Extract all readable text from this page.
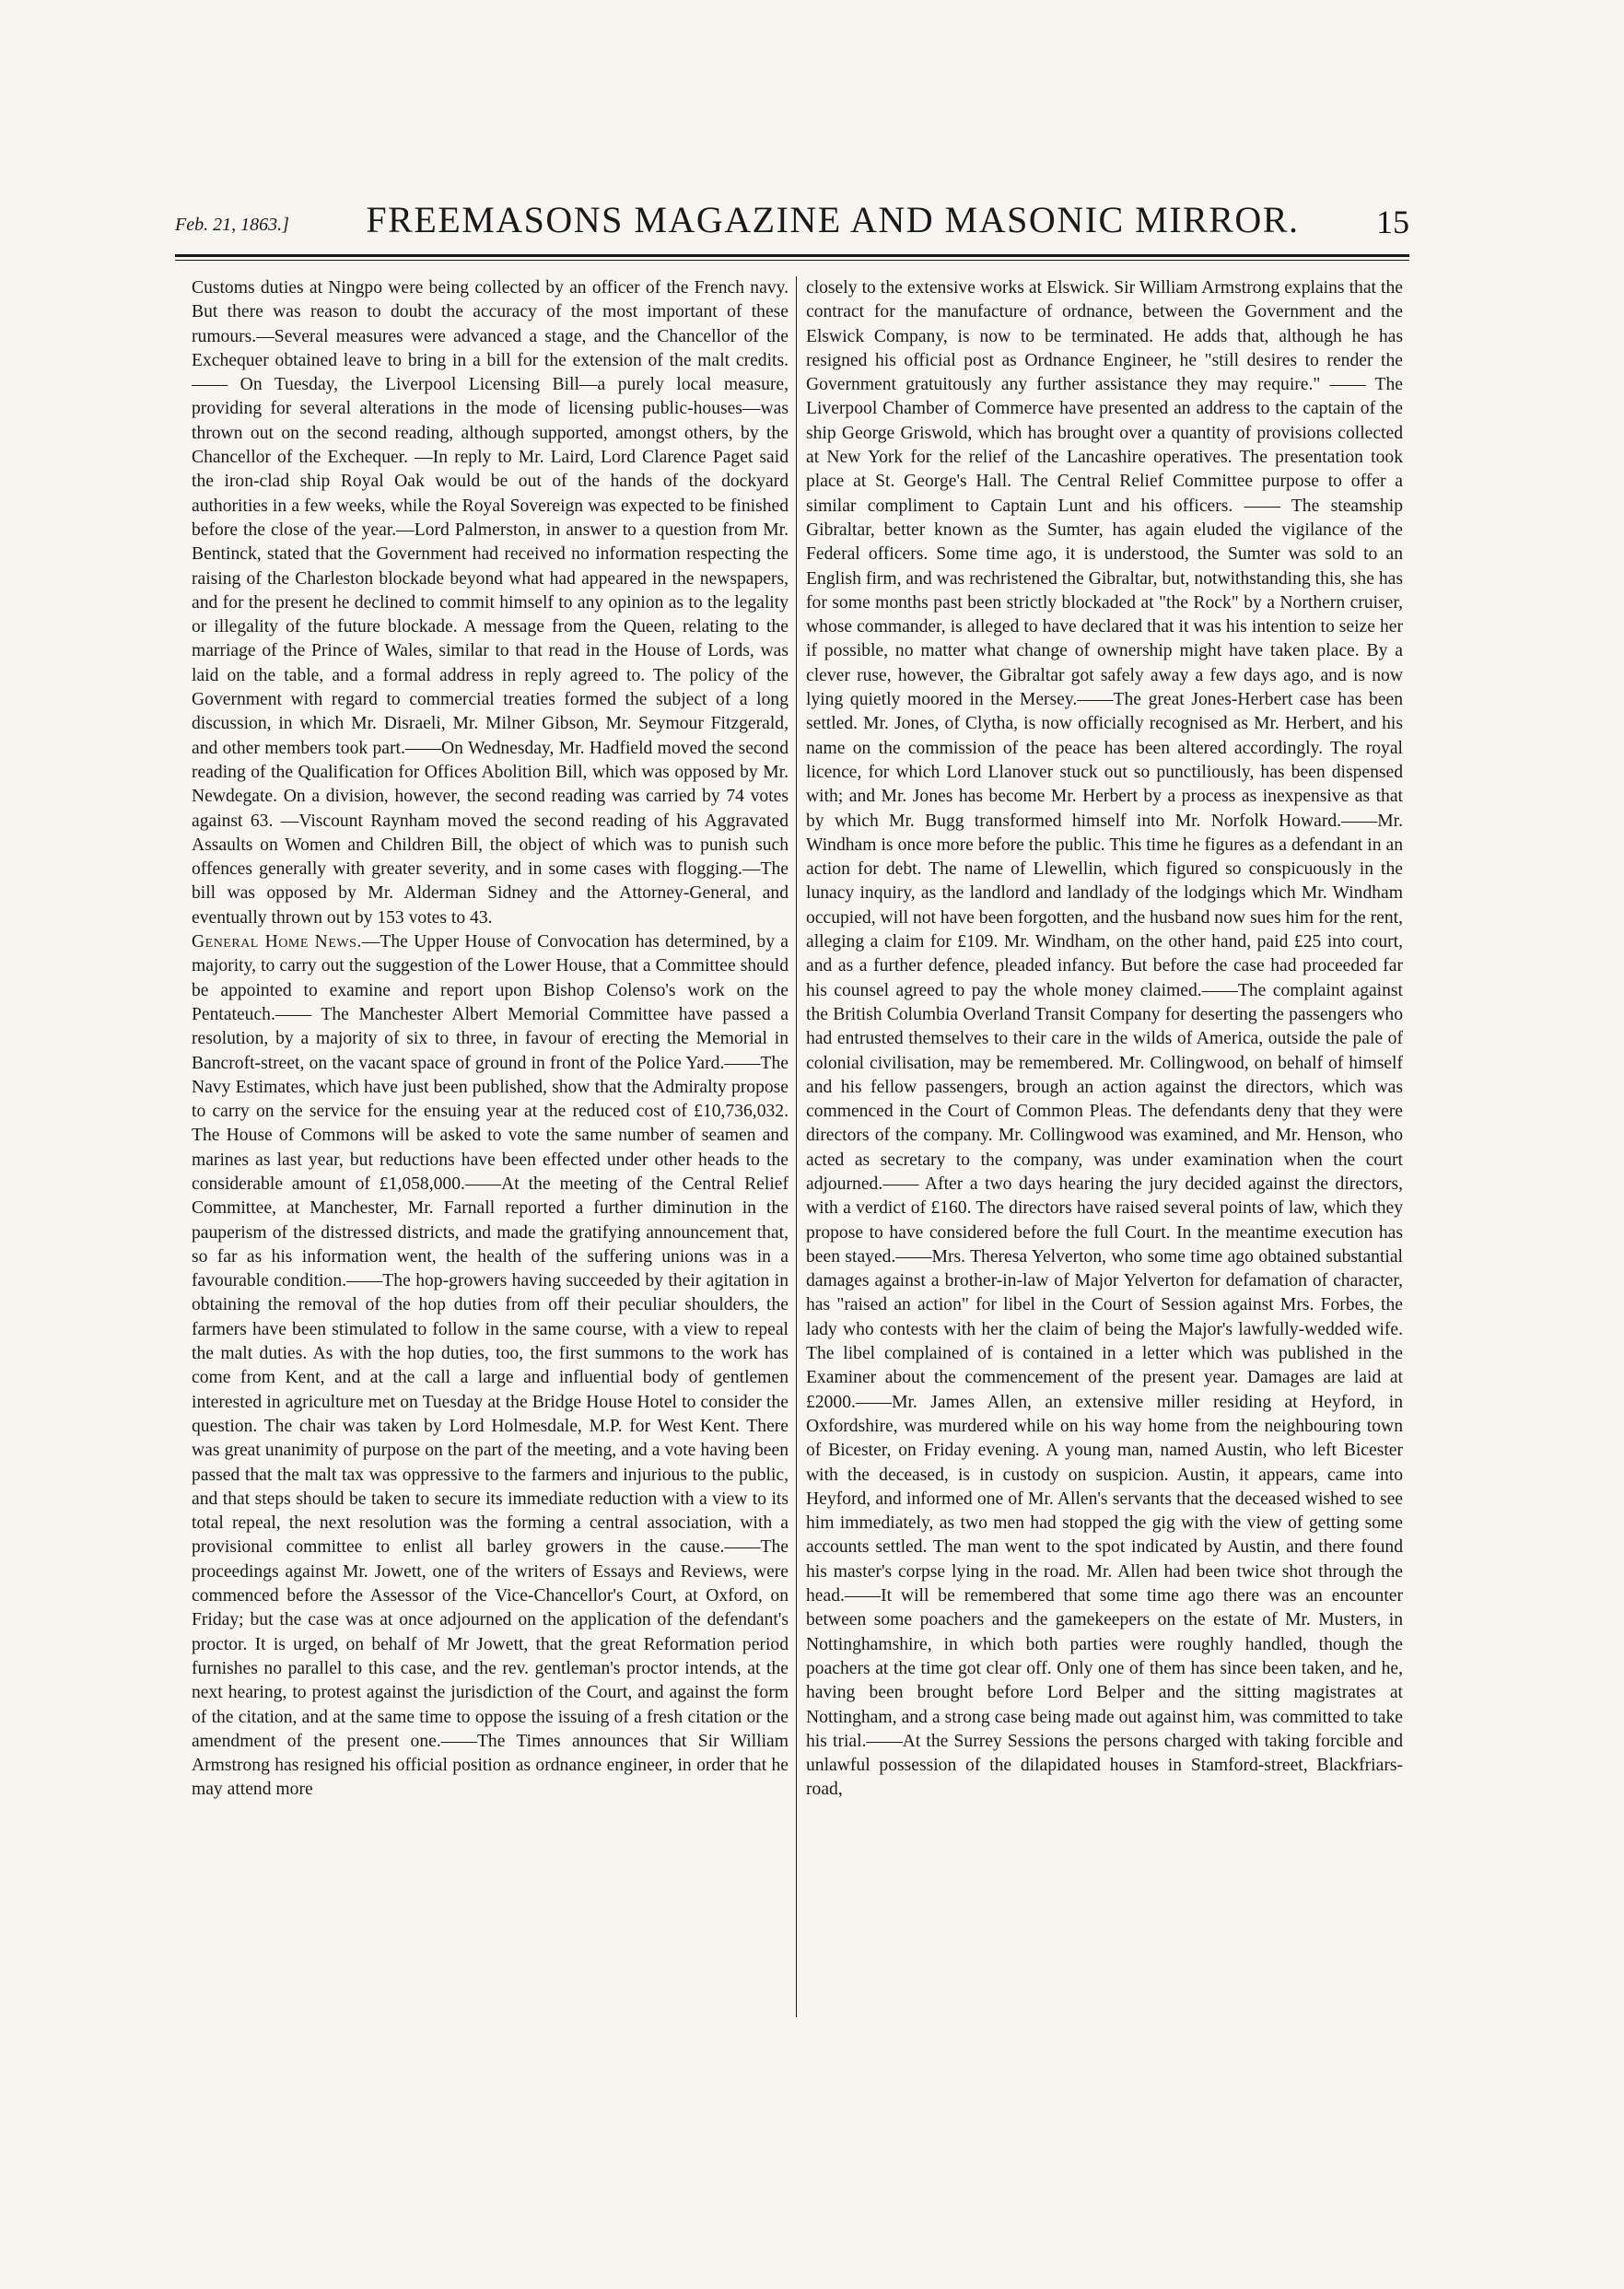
Feb. 21, 1863.] FREEMASONS MAGAZINE AND MASONIC MIRROR. 15

Customs duties at Ningpo were being collected by an officer of the French navy. But there was reason to doubt the accuracy of the most important of these rumours.—Several measures were advanced a stage, and the Chancellor of the Exchequer obtained leave to bring in a bill for the extension of the malt credits.—— On Tuesday, the Liverpool Licensing Bill—a purely local measure, providing for several alterations in the mode of licensing public-houses—was thrown out on the second reading, although supported, amongst others, by the Chancellor of the Exchequer. —In reply to Mr. Laird, Lord Clarence Paget said the iron-clad ship Royal Oak would be out of the hands of the dockyard authorities in a few weeks, while the Royal Sovereign was expected to be finished before the close of the year.—Lord Palmerston, in answer to a question from Mr. Bentinck, stated that the Government had received no information respecting the raising of the Charleston blockade beyond what had appeared in the newspapers, and for the present he declined to commit himself to any opinion as to the legality or illegality of the future blockade. A message from the Queen, relating to the marriage of the Prince of Wales, similar to that read in the House of Lords, was laid on the table, and a formal address in reply agreed to. The policy of the Government with regard to commercial treaties formed the subject of a long discussion, in which Mr. Disraeli, Mr. Milner Gibson, Mr. Seymour Fitzgerald, and other members took part.——On Wednesday, Mr. Hadfield moved the second reading of the Qualification for Offices Abolition Bill, which was opposed by Mr. Newdegate. On a division, however, the second reading was carried by 74 votes against 63. —Viscount Raynham moved the second reading of his Aggravated Assaults on Women and Children Bill, the object of which was to punish such offences generally with greater severity, and in some cases with flogging.—The bill was opposed by Mr. Alderman Sidney and the Attorney-General, and eventually thrown out by 153 votes to 43.

General Home News.—The Upper House of Convocation has determined, by a majority, to carry out the suggestion of the Lower House, that a Committee should be appointed to examine and report upon Bishop Colenso's work on the Pentateuch.—— The Manchester Albert Memorial Committee have passed a resolution, by a majority of six to three, in favour of erecting the Memorial in Bancroft-street, on the vacant space of ground in front of the Police Yard.——The Navy Estimates, which have just been published, show that the Admiralty propose to carry on the service for the ensuing year at the reduced cost of £10,736,032. The House of Commons will be asked to vote the same number of seamen and marines as last year, but reductions have been effected under other heads to the considerable amount of £1,058,000.——At the meeting of the Central Relief Committee, at Manchester, Mr. Farnall reported a further diminution in the pauperism of the distressed districts, and made the gratifying announcement that, so far as his information went, the health of the suffering unions was in a favourable condition.——The hop-growers having succeeded by their agitation in obtaining the removal of the hop duties from off their peculiar shoulders, the farmers have been stimulated to follow in the same course, with a view to repeal the malt duties. As with the hop duties, too, the first summons to the work has come from Kent, and at the call a large and influential body of gentlemen interested in agriculture met on Tuesday at the Bridge House Hotel to consider the question. The chair was taken by Lord Holmesdale, M.P. for West Kent. There was great unanimity of purpose on the part of the meeting, and a vote having been passed that the malt tax was oppressive to the farmers and injurious to the public, and that steps should be taken to secure its immediate reduction with a view to its total repeal, the next resolution was the forming a central association, with a provisional committee to enlist all barley growers in the cause.——The proceedings against Mr. Jowett, one of the writers of Essays and Reviews, were commenced before the Assessor of the Vice-Chancellor's Court, at Oxford, on Friday; but the case was at once adjourned on the application of the defendant's proctor. It is urged, on behalf of Mr Jowett, that the great Reformation period furnishes no parallel to this case, and the rev. gentleman's proctor intends, at the next hearing, to protest against the jurisdiction of the Court, and against the form of the citation, and at the same time to oppose the issuing of a fresh citation or the amendment of the present one.——The Times announces that Sir William Armstrong has resigned his official position as ordnance engineer, in order that he may attend more

closely to the extensive works at Elswick. Sir William Armstrong explains that the contract for the manufacture of ordnance, between the Government and the Elswick Company, is now to be terminated. He adds that, although he has resigned his official post as Ordnance Engineer, he "still desires to render the Government gratuitously any further assistance they may require." —— The Liverpool Chamber of Commerce have presented an address to the captain of the ship George Griswold, which has brought over a quantity of provisions collected at New York for the relief of the Lancashire operatives. The presentation took place at St. George's Hall. The Central Relief Committee purpose to offer a similar compliment to Captain Lunt and his officers. —— The steamship Gibraltar, better known as the Sumter, has again eluded the vigilance of the Federal officers. Some time ago, it is understood, the Sumter was sold to an English firm, and was rechristened the Gibraltar, but, notwithstanding this, she has for some months past been strictly blockaded at "the Rock" by a Northern cruiser, whose commander, is alleged to have declared that it was his intention to seize her if possible, no matter what change of ownership might have taken place. By a clever ruse, however, the Gibraltar got safely away a few days ago, and is now lying quietly moored in the Mersey.——The great Jones-Herbert case has been settled. Mr. Jones, of Clytha, is now officially recognised as Mr. Herbert, and his name on the commission of the peace has been altered accordingly. The royal licence, for which Lord Llanover stuck out so punctiliously, has been dispensed with; and Mr. Jones has become Mr. Herbert by a process as inexpensive as that by which Mr. Bugg transformed himself into Mr. Norfolk Howard.——Mr. Windham is once more before the public. This time he figures as a defendant in an action for debt. The name of Llewellin, which figured so conspicuously in the lunacy inquiry, as the landlord and landlady of the lodgings which Mr. Windham occupied, will not have been forgotten, and the husband now sues him for the rent, alleging a claim for £109. Mr. Windham, on the other hand, paid £25 into court, and as a further defence, pleaded infancy. But before the case had proceeded far his counsel agreed to pay the whole money claimed.——The complaint against the British Columbia Overland Transit Company for deserting the passengers who had entrusted themselves to their care in the wilds of America, outside the pale of colonial civilisation, may be remembered. Mr. Collingwood, on behalf of himself and his fellow passengers, brough an action against the directors, which was commenced in the Court of Common Pleas. The defendants deny that they were directors of the company. Mr. Collingwood was examined, and Mr. Henson, who acted as secretary to the company, was under examination when the court adjourned.—— After a two days hearing the jury decided against the directors, with a verdict of £160. The directors have raised several points of law, which they propose to have considered before the full Court. In the meantime execution has been stayed.——Mrs. Theresa Yelverton, who some time ago obtained substantial damages against a brother-in-law of Major Yelverton for defamation of character, has "raised an action" for libel in the Court of Session against Mrs. Forbes, the lady who contests with her the claim of being the Major's lawfully-wedded wife. The libel complained of is contained in a letter which was published in the Examiner about the commencement of the present year. Damages are laid at £2000.——Mr. James Allen, an extensive miller residing at Heyford, in Oxfordshire, was murdered while on his way home from the neighbouring town of Bicester, on Friday evening. A young man, named Austin, who left Bicester with the deceased, is in custody on suspicion. Austin, it appears, came into Heyford, and informed one of Mr. Allen's servants that the deceased wished to see him immediately, as two men had stopped the gig with the view of getting some accounts settled. The man went to the spot indicated by Austin, and there found his master's corpse lying in the road. Mr. Allen had been twice shot through the head.——It will be remembered that some time ago there was an encounter between some poachers and the gamekeepers on the estate of Mr. Musters, in Nottinghamshire, in which both parties were roughly handled, though the poachers at the time got clear off. Only one of them has since been taken, and he, having been brought before Lord Belper and the sitting magistrates at Nottingham, and a strong case being made out against him, was committed to take his trial.——At the Surrey Sessions the persons charged with taking forcible and unlawful possession of the dilapidated houses in Stamford-street, Blackfriars-road,
